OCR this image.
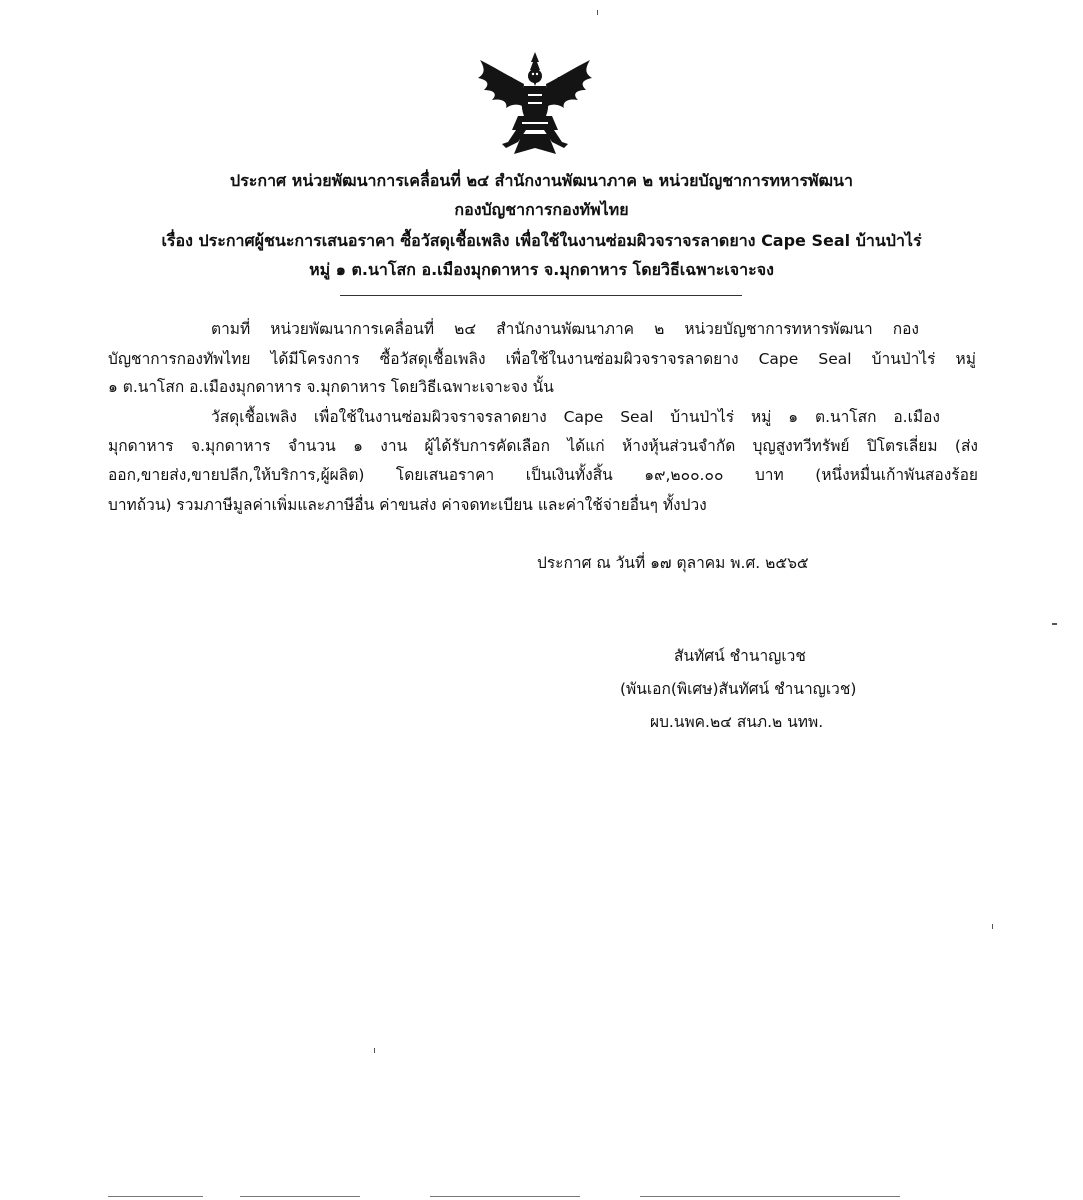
ประกาศ หน่วยพัฒนาการเคลื่อนที่ ๒๔ สำนักงานพัฒนาภาค ๒ หน่วยบัญชาการทหารพัฒนา
กองบัญชาการกองทัพไทย
เรื่อง ประกาศผู้ชนะการเสนอราคา ซื้อวัสดุเชื้อเพลิง เพื่อใช้ในงานซ่อมผิวจราจรลาดยาง Cape Seal บ้านป่าไร่
หมู่ ๑ ต.นาโสก อ.เมืองมุกดาหาร จ.มุกดาหาร โดยวิธีเฉพาะเจาะจง
ตามที่ หน่วยพัฒนาการเคลื่อนที่ ๒๔ สำนักงานพัฒนาภาค ๒ หน่วยบัญชาการทหารพัฒนา กอง
บัญชาการกองทัพไทย ได้มีโครงการ ซื้อวัสดุเชื้อเพลิง เพื่อใช้ในงานซ่อมผิวจราจรลาดยาง Cape Seal บ้านป่าไร่ หมู่
๑ ต.นาโสก อ.เมืองมุกดาหาร จ.มุกดาหาร โดยวิธีเฉพาะเจาะจง นั้น
วัสดุเชื้อเพลิง เพื่อใช้ในงานซ่อมผิวจราจรลาดยาง Cape Seal บ้านป่าไร่ หมู่ ๑ ต.นาโสก อ.เมือง
มุกดาหาร จ.มุกดาหาร จำนวน ๑ งาน ผู้ได้รับการคัดเลือก ได้แก่ ห้างหุ้นส่วนจำกัด บุญสูงทวีทรัพย์ ปิโตรเลี่ยม (ส่ง
ออก,ขายส่ง,ขายปลีก,ให้บริการ,ผู้ผลิต) โดยเสนอราคา เป็นเงินทั้งสิ้น ๑๙,๒๐๐.๐๐ บาท (หนึ่งหมื่นเก้าพันสองร้อย
บาทถ้วน) รวมภาษีมูลค่าเพิ่มและภาษีอื่น ค่าขนส่ง ค่าจดทะเบียน และค่าใช้จ่ายอื่นๆ ทั้งปวง
ประกาศ ณ วันที่ ๑๗ ตุลาคม พ.ศ. ๒๕๖๕
สันทัศน์ ชำนาญเวช
(พันเอก(พิเศษ)สันทัศน์ ชำนาญเวช)
ผบ.นพค.๒๔ สนภ.๒ นทพ.
